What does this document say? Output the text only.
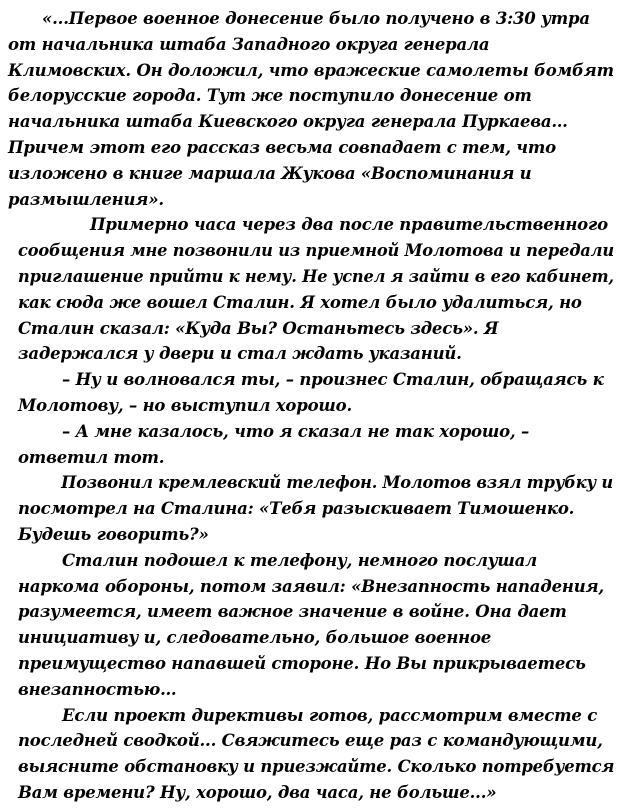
«...Первое военное донесение было получено в 3:30 утра
от начальника штаба Западного округа генерала
Климовских. Он доложил, что вражеские самолеты бомбят
белорусские города. Тут же поступило донесение от
начальника штаба Киевского округа генерала Пуркаева…
Причем этот его рассказ весьма совпадает с тем, что
изложено в книге маршала Жукова «Воспоминания и
размышления».
Примерно часа через два после правительственного
сообщения мне позвонили из приемной Молотова и передали
приглашение прийти к нему. Не успел я зайти в его кабинет,
как сюда же вошел Сталин. Я хотел было удалиться, но
Сталин сказал: «Куда Вы? Останьтесь здесь». Я
задержался у двери и стал ждать указаний.
– Ну и волновался ты, – произнес Сталин, обращаясь к
Молотову, – но выступил хорошо.
– А мне казалось, что я сказал не так хорошо, –
ответил тот.
Позвонил кремлевский телефон. Молотов взял трубку и
посмотрел на Сталина: «Тебя разыскивает Тимошенко.
Будешь говорить?»
Сталин подошел к телефону, немного послушал
наркома обороны, потом заявил: «Внезапность нападения,
разумеется, имеет важное значение в войне. Она дает
инициативу и, следовательно, большое военное
преимущество напавшей стороне. Но Вы прикрываетесь
внезапностью…
Если проект директивы готов, рассмотрим вместе с
последней сводкой... Свяжитесь еще раз с командующими,
выясните обстановку и приезжайте. Сколько потребуется
Вам времени? Ну, хорошо, два часа, не больше...»
